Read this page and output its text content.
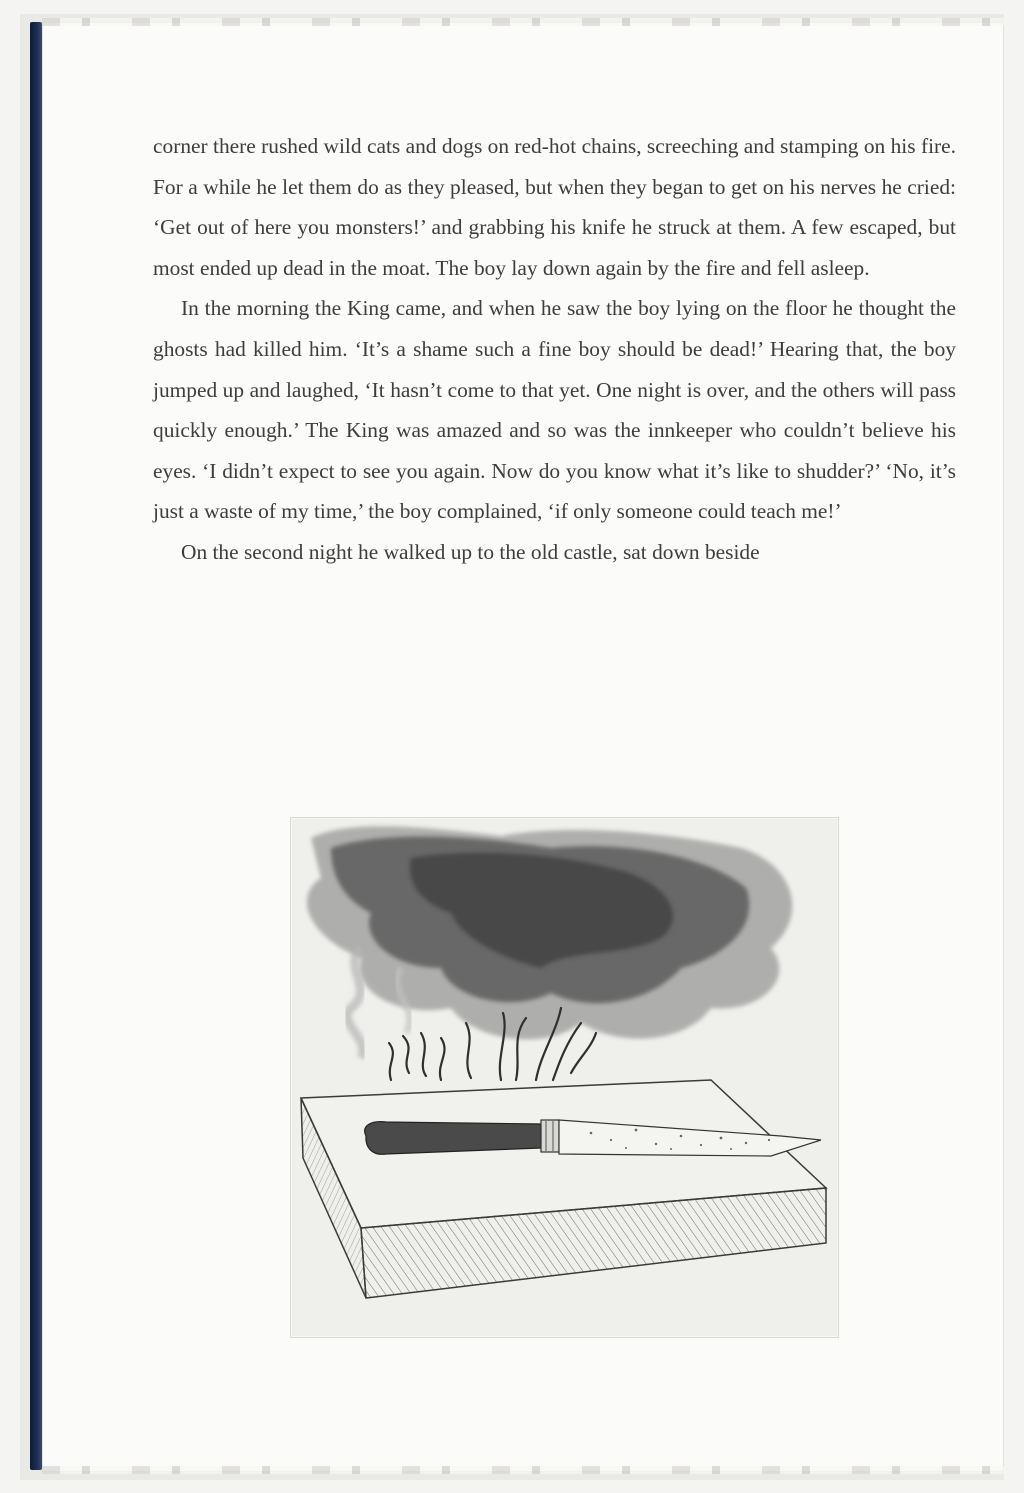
corner there rushed wild cats and dogs on red-hot chains, screeching and stamping on his fire. For a while he let them do as they pleased, but when they began to get on his nerves he cried: ‘Get out of here you monsters!’ and grabbing his knife he struck at them. A few escaped, but most ended up dead in the moat. The boy lay down again by the fire and fell asleep.

In the morning the King came, and when he saw the boy lying on the floor he thought the ghosts had killed him. ‘It’s a shame such a fine boy should be dead!’ Hearing that, the boy jumped up and laughed, ‘It hasn’t come to that yet. One night is over, and the others will pass quickly enough.’ The King was amazed and so was the innkeeper who couldn’t believe his eyes. ‘I didn’t expect to see you again. Now do you know what it’s like to shudder?’ ‘No, it’s just a waste of my time,’ the boy complained, ‘if only someone could teach me!’

On the second night he walked up to the old castle, sat down beside
